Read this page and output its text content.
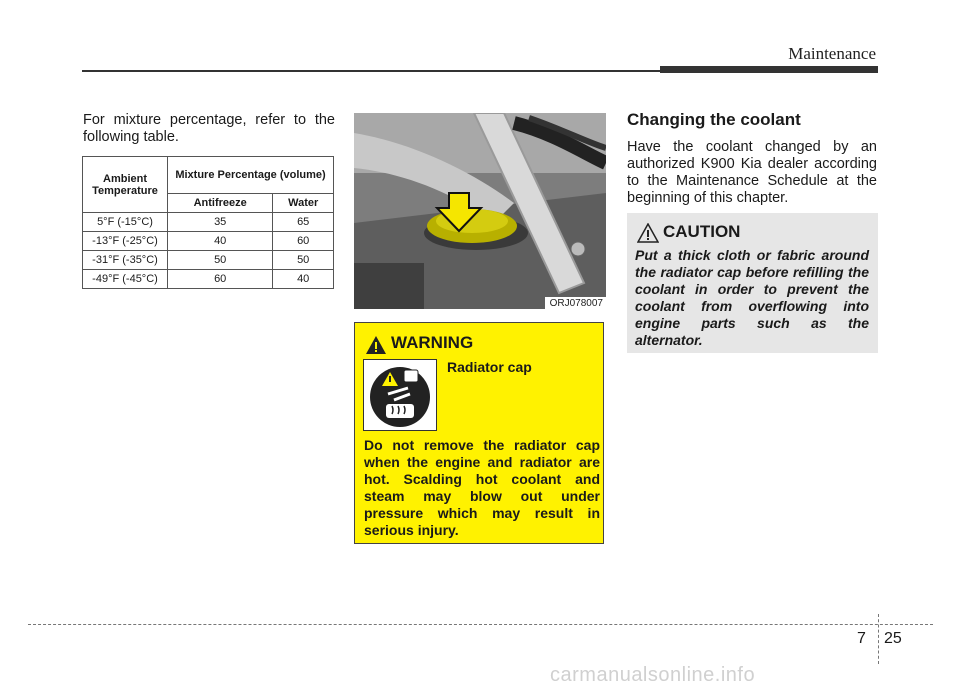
Maintenance
For mixture percentage, refer to the following table.
Ambient Temperature	Mixture Percentage (volume)	
	Antifreeze	Water
5°F (-15°C)	35	65
-13°F (-25°C)	40	60
-31°F (-35°C)	50	50
-49°F (-45°C)	60	40
ORJ078007
WARNING
Radiator cap
Do not remove the radiator cap when the engine and radiator are hot. Scalding hot coolant and steam may blow out under pressure which may result in serious injury.
Changing the coolant
Have the coolant changed by an authorized K900 Kia dealer according to the Maintenance Schedule at the beginning of this chapter.
CAUTION
Put a thick cloth or fabric around the radiator cap before refilling the coolant in order to prevent the coolant from overflowing into engine parts such as the alternator.
7 25
carmanualsonline.info
